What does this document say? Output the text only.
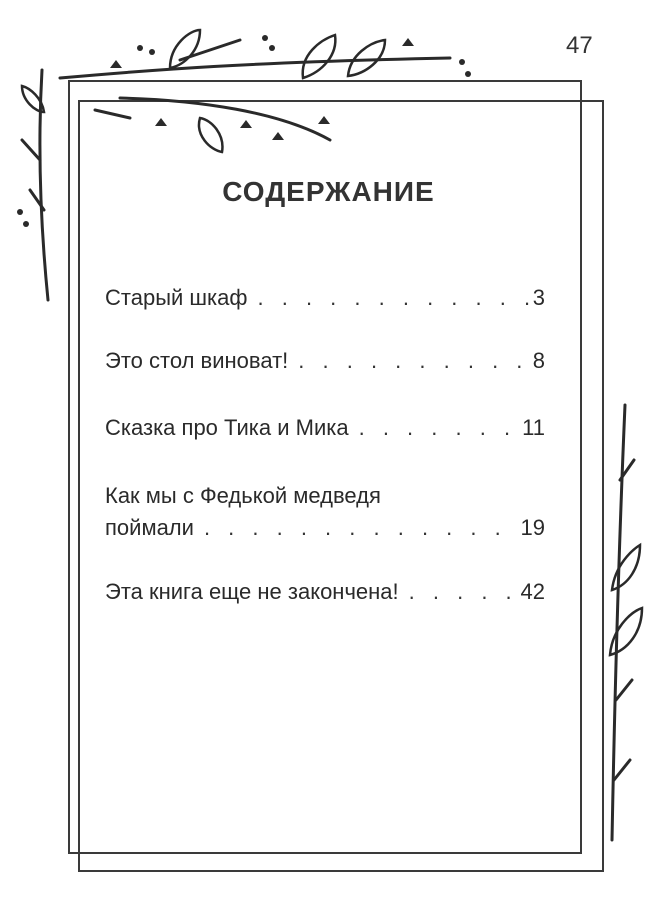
47
СОДЕРЖАНИЕ
Старый шкаф . . .	3
Это стол виноват! . . .	8
Сказка про Тика и Мика . . .	11
Как мы с Федькой медведя
поймали . . .	19
Эта книга еще не закончена! . . .	42
